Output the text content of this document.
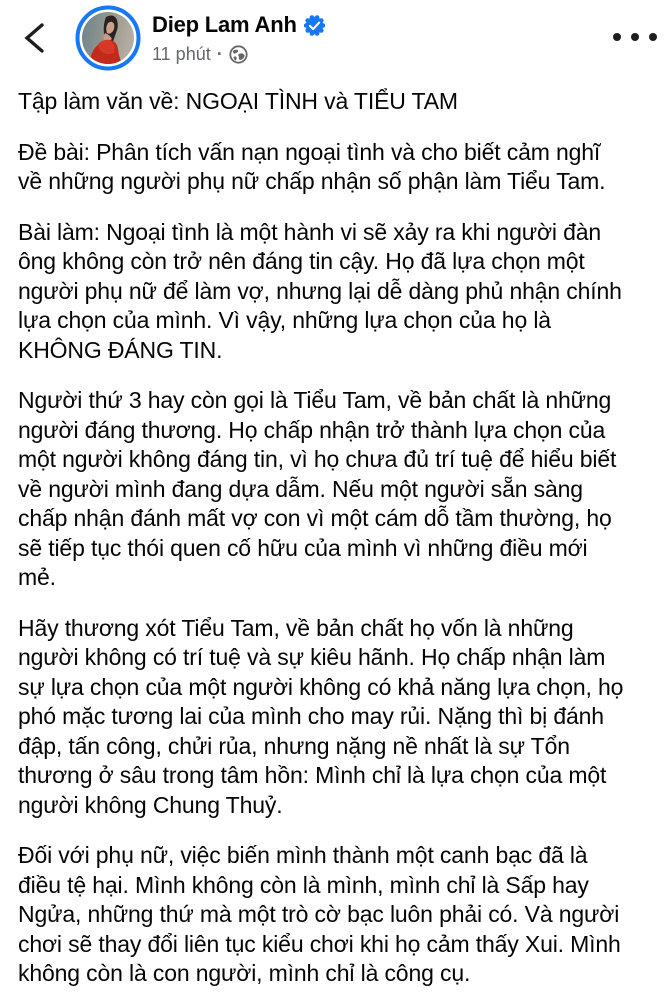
Diep Lam Anh
11 phút ·
Tập làm văn về: NGOẠI TÌNH và TIỂU TAM
Đề bài: Phân tích vấn nạn ngoại tình và cho biết cảm nghĩ
về những người phụ nữ chấp nhận số phận làm Tiểu Tam.
Bài làm: Ngoại tình là một hành vi sẽ xảy ra khi người đàn
ông không còn trở nên đáng tin cậy. Họ đã lựa chọn một
người phụ nữ để làm vợ, nhưng lại dễ dàng phủ nhận chính
lựa chọn của mình. Vì vậy, những lựa chọn của họ là
KHÔNG ĐÁNG TIN.
Người thứ 3 hay còn gọi là Tiểu Tam, về bản chất là những
người đáng thương. Họ chấp nhận trở thành lựa chọn của
một người không đáng tin, vì họ chưa đủ trí tuệ để hiểu biết
về người mình đang dựa dẫm. Nếu một người sẵn sàng
chấp nhận đánh mất vợ con vì một cám dỗ tầm thường, họ
sẽ tiếp tục thói quen cố hữu của mình vì những điều mới
mẻ.
Hãy thương xót Tiểu Tam, về bản chất họ vốn là những
người không có trí tuệ và sự kiêu hãnh. Họ chấp nhận làm
sự lựa chọn của một người không có khả năng lựa chọn, họ
phó mặc tương lai của mình cho may rủi. Nặng thì bị đánh
đập, tấn công, chửi rủa, nhưng nặng nề nhất là sự Tổn
thương ở sâu trong tâm hồn: Mình chỉ là lựa chọn của một
người không Chung Thuỷ.
Đối với phụ nữ, việc biến mình thành một canh bạc đã là
điều tệ hại. Mình không còn là mình, mình chỉ là Sấp hay
Ngửa, những thứ mà một trò cờ bạc luôn phải có. Và người
chơi sẽ thay đổi liên tục kiểu chơi khi họ cảm thấy Xui. Mình
không còn là con người, mình chỉ là công cụ.
